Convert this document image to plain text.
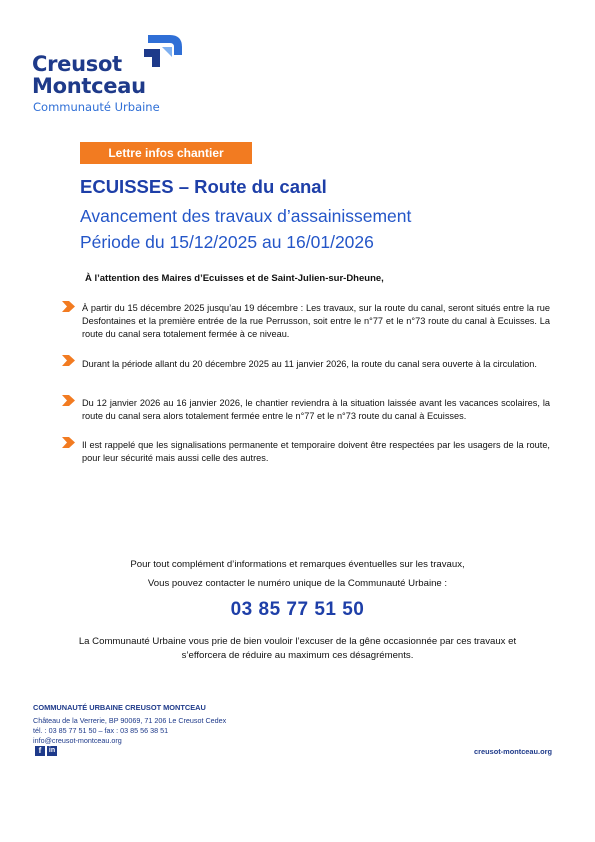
Creusot
Montceau
Communauté Urbaine
Lettre infos chantier
ECUISSES – Route du canal
Avancement des travaux d’assainissement
Période du 15/12/2025 au 16/01/2026
À l’attention des Maires d’Ecuisses et de Saint-Julien-sur-Dheune,
À partir du 15 décembre 2025 jusqu’au 19 décembre : Les travaux, sur la route du canal, seront situés entre la rue Desfontaines et la première entrée de la rue Perrusson, soit entre le n°77 et le n°73 route du canal à Ecuisses. La route du canal sera totalement fermée à ce niveau.
Durant la période allant du 20 décembre 2025 au 11 janvier 2026, la route du canal sera ouverte à la circulation.
Du 12 janvier 2026 au 16 janvier 2026, le chantier reviendra à la situation laissée avant les vacances scolaires, la route du canal sera alors totalement fermée entre le n°77 et le n°73 route du canal à Ecuisses.
Il est rappelé que les signalisations permanente et temporaire doivent être respectées par les usagers de la route, pour leur sécurité mais aussi celle des autres.
Pour tout complément d’informations et remarques éventuelles sur les travaux,
Vous pouvez contacter le numéro unique de la Communauté Urbaine :
03 85 77 51 50
La Communauté Urbaine vous prie de bien vouloir l’excuser de la gêne occasionnée par ces travaux et
s’efforcera de réduire au maximum ces désagréments.
COMMUNAUTÉ URBAINE CREUSOT MONTCEAU
Château de la Verrerie, BP 90069, 71 206 Le Creusot Cedex
tél. : 03 85 77 51 50 – fax : 03 85 56 38 51
info@creusot-montceau.org
f	in	creusot-montceau.org
